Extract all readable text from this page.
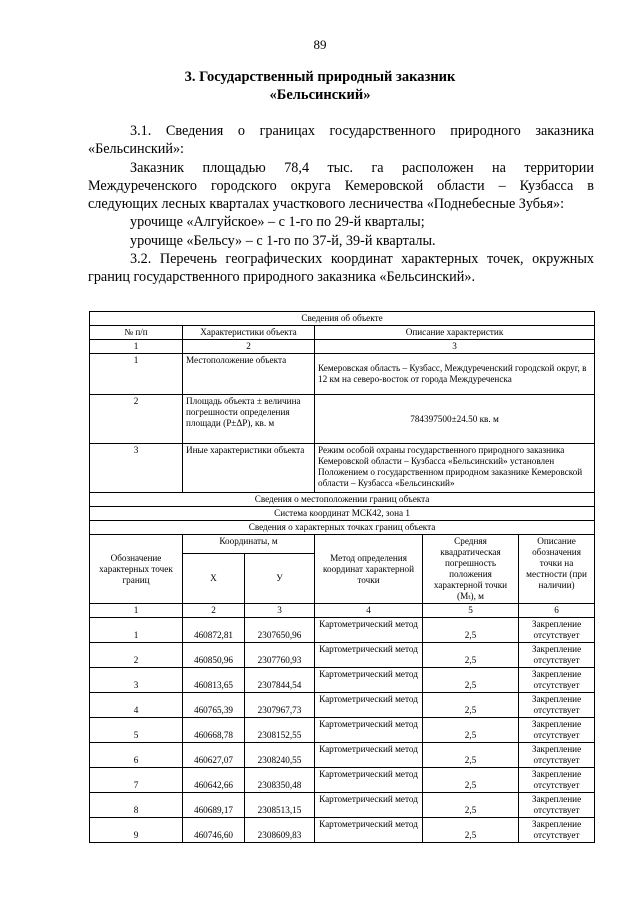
89
3. Государственный природный заказник
«Бельсинский»

3.1. Сведения о границах государственного природного заказника «Бельсинский»:

Заказник площадью 78,4 тыс. га расположен на территории Междуреченского городского округа Кемеровской области – Кузбасса в следующих лесных кварталах участкового лесничества «Поднебесные Зубья»:

урочище «Алгуйское» – с 1-го по 29-й кварталы;

урочище «Бельсу» – с 1-го по 37-й, 39-й кварталы.

3.2. Перечень географических координат характерных точек, окружных границ государственного природного заказника «Бельсинский».

Сведения об объекте					
№ п/п	Характеристики объекта		Описание характеристик		
1	2		3		
1	Местоположение объекта		Кемеровская область – Кузбасс, Междуреченский городской округ, в 12 км на северо-восток от города Междуреченска		
2	Площадь объекта ± величина погрешности определения площади (P±ΔP), кв. м		784397500±24.50 кв. м		
3	Иные характеристики объекта		Режим особой охраны государственного природного заказника Кемеровской области – Кузбасса «Бельсинский» установлен Положением о государственном природном заказнике Кемеровской области – Кузбасса «Бельсинский»		
Сведения о местоположении границ объекта					
Система координат МСК42, зона 1					
Сведения о характерных точках границ объекта					
Обозначение характерных точек границ	Координаты, м		Метод определения координат характерной точки	Средняя квадратическая погрешность положения характерной точки (Mₜ), м	Описание обозначения точки на местности (при наличии)
	X	У			
1	2	3	4	5	6
1	460872,81	2307650,96	Картометрический метод	2,5	Закрепление отсутствует
2	460850,96	2307760,93	Картометрический метод	2,5	Закрепление отсутствует
3	460813,65	2307844,54	Картометрический метод	2,5	Закрепление отсутствует
4	460765,39	2307967,73	Картометрический метод	2,5	Закрепление отсутствует
5	460668,78	2308152,55	Картометрический метод	2,5	Закрепление отсутствует
6	460627,07	2308240,55	Картометрический метод	2,5	Закрепление отсутствует
7	460642,66	2308350,48	Картометрический метод	2,5	Закрепление отсутствует
8	460689,17	2308513,15	Картометрический метод	2,5	Закрепление отсутствует
9	460746,60	2308609,83	Картометрический метод	2,5	Закрепление отсутствует
